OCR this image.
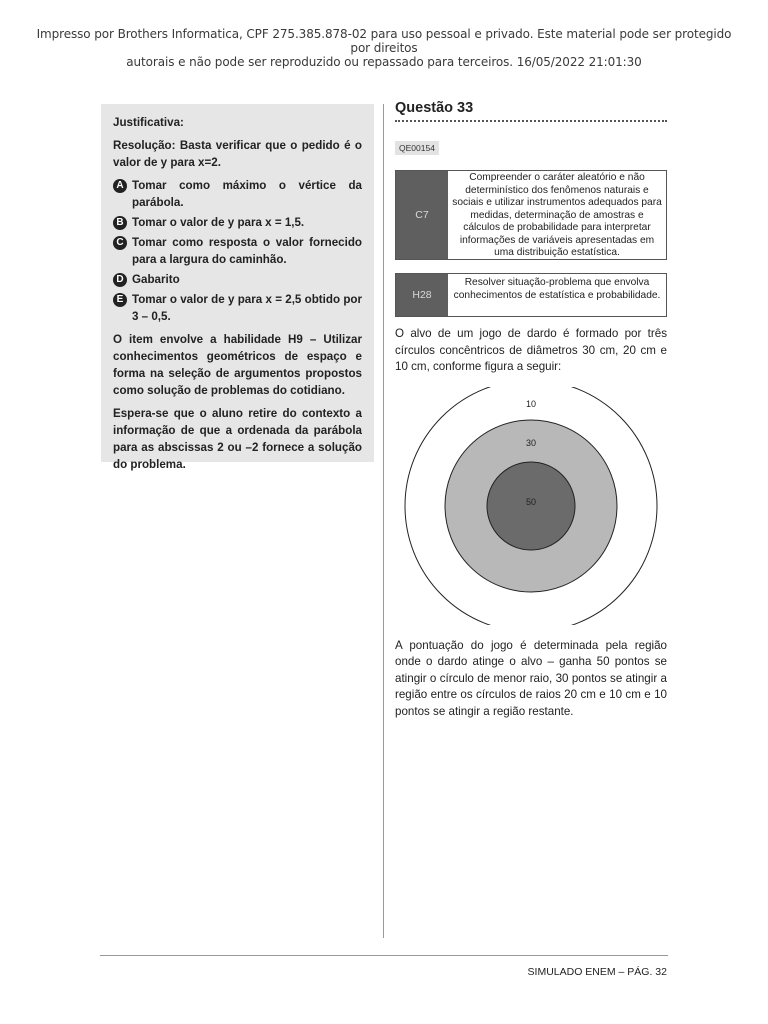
Impresso por Brothers Informatica, CPF 275.385.878-02 para uso pessoal e privado. Este material pode ser protegido por direitos
autorais e não pode ser reproduzido ou repassado para terceiros. 16/05/2022 21:01:30

Justificativa:

Resolução: Basta verificar que o pedido é o valor de y para x=2.

A Tomar como máximo o vértice da parábola.
B Tomar o valor de y para x = 1,5.
C Tomar como resposta o valor fornecido para a largura do caminhão.
D Gabarito
E Tomar o valor de y para x = 2,5 obtido por 3 – 0,5.

O item envolve a habilidade H9 – Utilizar conhecimentos geométricos de espaço e forma na seleção de argumentos propostos como solução de problemas do cotidiano.

Espera-se que o aluno retire do contexto a informação de que a ordenada da parábola para as abscissas 2 ou –2 fornece a solução do problema.

Questão 33
QE00154
C7
Compreender o caráter aleatório e não determinístico dos fenômenos naturais e sociais e utilizar instrumentos adequados para medidas, determinação de amostras e cálculos de probabilidade para interpretar informações de variáveis apresentadas em uma distribuição estatística.
H28
Resolver situação-problema que envolva conhecimentos de estatística e probabilidade.

O alvo de um jogo de dardo é formado por três círculos concêntricos de diâmetros 30 cm, 20 cm e 10 cm, conforme figura a seguir:

10
30
50

A pontuação do jogo é determinada pela região onde o dardo atinge o alvo – ganha 50 pontos se atingir o círculo de menor raio, 30 pontos se atingir a região entre os círculos de raios 20 cm e 10 cm e 10 pontos se atingir a região restante.

SIMULADO ENEM – PÁG. 32
